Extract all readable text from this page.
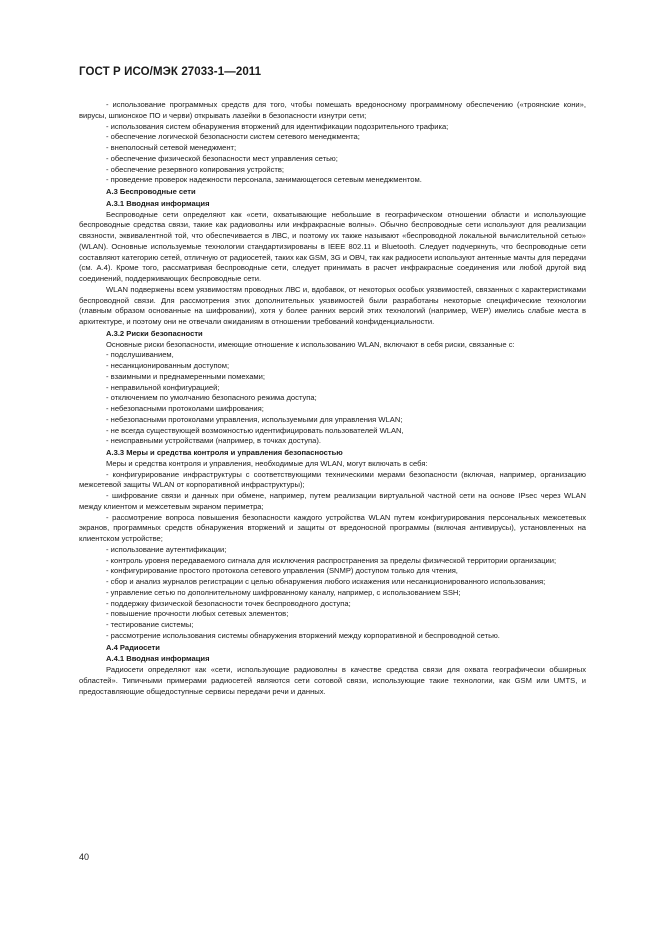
ГОСТ Р ИСО/МЭК 27033-1—2011

- использование программных средств для того, чтобы помешать вредоносному программному обеспечению («троянские кони», вирусы, шпионское ПО и черви) открывать лазейки в безопасности изнутри сети;

- использования систем обнаружения вторжений для идентификации подозрительного трафика;

- обеспечение логической безопасности систем сетевого менеджмента;

- внеполосный сетевой менеджмент;

- обеспечение физической безопасности мест управления сетью;

- обеспечение резервного копирования устройств;

- проведение проверок надежности персонала, занимающегося сетевым менеджментом.

А.3 Беспроводные сети

А.3.1 Вводная информация

Беспроводные сети определяют как «сети, охватывающие небольшие в географическом отношении области и использующие беспроводные средства связи, такие как радиоволны или инфракрасные волны». Обычно беспроводные сети используют для реализации связности, эквивалентной той, что обеспечивается в ЛВС, и поэтому их также называют «беспроводной локальной вычислительной сетью» (WLAN). Основные используемые технологии стандартизированы в IEEE 802.11 и Bluetooth. Следует подчеркнуть, что беспроводные сети составляют категорию сетей, отличную от радиосетей, таких как GSM, 3G и ОВЧ, так как радиосети используют антенные мачты для передачи (см. А.4). Кроме того, рассматривая беспроводные сети, следует принимать в расчет инфракрасные соединения или любой другой вид соединений, поддерживающих беспроводные сети.

WLAN подвержены всем уязвимостям проводных ЛВС и, вдобавок, от некоторых особых уязвимостей, связанных с характеристиками беспроводной связи. Для рассмотрения этих дополнительных уязвимостей были разработаны некоторые специфические технологии (главным образом основанные на шифровании), хотя у более ранних версий этих технологий (например, WEP) имелись слабые места в архитектуре, и поэтому они не отвечали ожиданиям в отношении требований конфиденциальности.

А.3.2 Риски безопасности

Основные риски безопасности, имеющие отношение к использованию WLAN, включают в себя риски, связанные с:

- подслушиванием,

- несанкционированным доступом;

- взаимными и преднамеренными помехами;

- неправильной конфигурацией;

- отключением по умолчанию безопасного режима доступа;

- небезопасными протоколами шифрования;

- небезопасными протоколами управления, используемыми для управления WLAN;

- не всегда существующей возможностью идентифицировать пользователей WLAN,

- неисправными устройствами (например, в точках доступа).

А.3.3 Меры и средства контроля и управления безопасностью

Меры и средства контроля и управления, необходимые для WLAN, могут включать в себя:

- конфигурирование инфраструктуры с соответствующими техническими мерами безопасности (включая, например, организацию межсетевой защиты WLAN от корпоративной инфраструктуры);

- шифрование связи и данных при обмене, например, путем реализации виртуальной частной сети на основе IPsec через WLAN между клиентом и межсетевым экраном периметра;

- рассмотрение вопроса повышения безопасности каждого устройства WLAN путем конфигурирования персональных межсетевых экранов, программных средств обнаружения вторжений и защиты от вредоносной программы (включая антивирусы), установленных на клиентском устройстве;

- использование аутентификации;

- контроль уровня передаваемого сигнала для исключения распространения за пределы физической территории организации;

- конфигурирование простого протокола сетевого управления (SNMP) доступом только для чтения,

- сбор и анализ журналов регистрации с целью обнаружения любого искажения или несанкционированного использования;

- управление сетью по дополнительному шифрованному каналу, например, с использованием SSH;

- поддержку физической безопасности точек беспроводного доступа;

- повышение прочности любых сетевых элементов;

- тестирование системы;

- рассмотрение использования системы обнаружения вторжений между корпоративной и беспроводной сетью.

А.4 Радиосети

А.4.1 Вводная информация

Радиосети определяют как «сети, использующие радиоволны в качестве средства связи для охвата географически обширных областей». Типичными примерами радиосетей являются сети сотовой связи, использующие такие технологии, как GSM или UMTS, и предоставляющие общедоступные сервисы передачи речи и данных.

40
